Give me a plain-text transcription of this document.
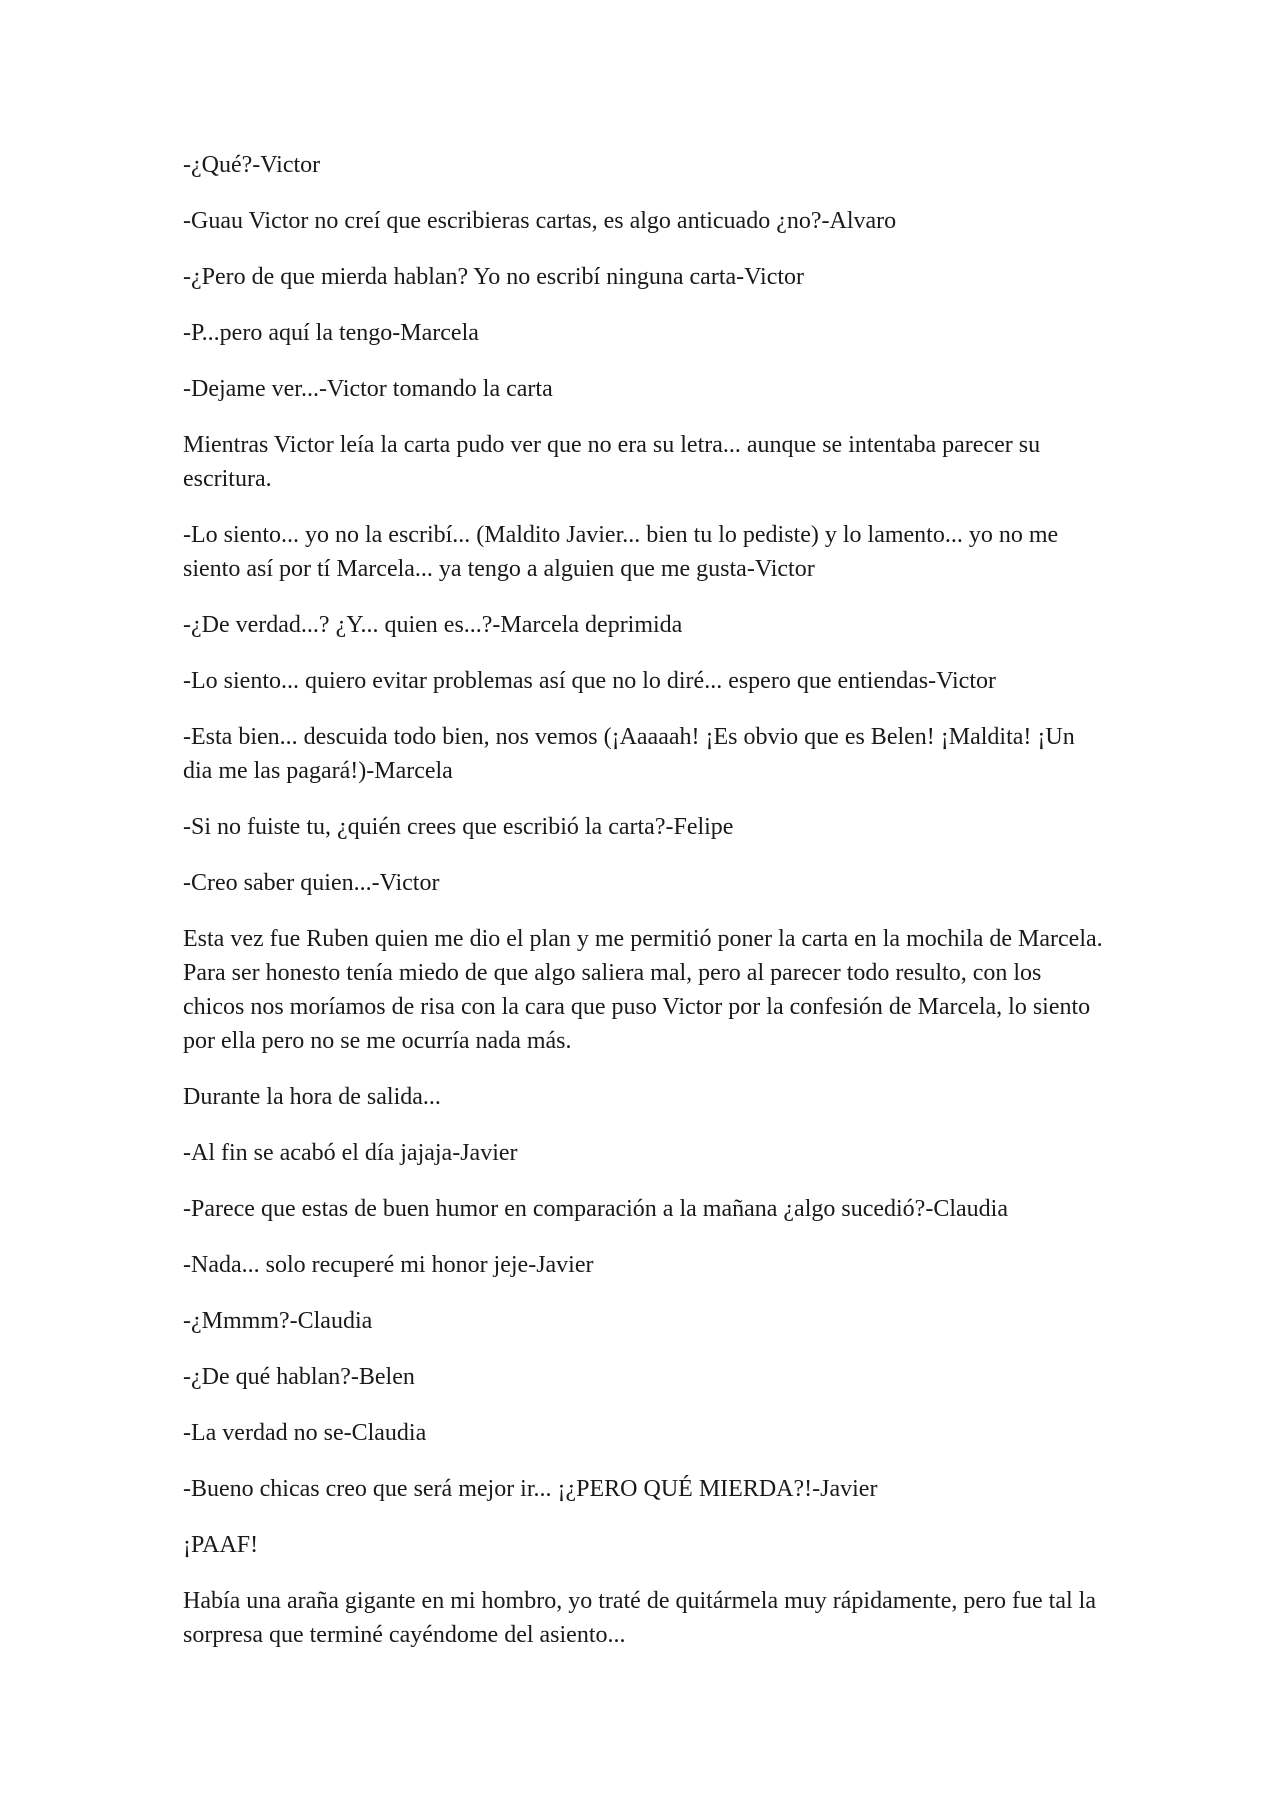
-¿Qué?-Victor

-Guau Victor no creí que escribieras cartas, es algo anticuado ¿no?-Alvaro

-¿Pero de que mierda hablan? Yo no escribí ninguna carta-Victor

-P...pero aquí la tengo-Marcela

-Dejame ver...-Victor tomando la carta

Mientras Victor leía la carta pudo ver que no era su letra... aunque se intentaba parecer su escritura.

-Lo siento... yo no la escribí... (Maldito Javier... bien tu lo pediste) y lo lamento... yo no me siento así por tí Marcela... ya tengo a alguien que me gusta-Victor

-¿De verdad...? ¿Y... quien es...?-Marcela deprimida

-Lo siento... quiero evitar problemas así que no lo diré... espero que entiendas-Victor

-Esta bien... descuida todo bien, nos vemos (¡Aaaaah! ¡Es obvio que es Belen! ¡Maldita! ¡Un dia me las pagará!)-Marcela

-Si no fuiste tu, ¿quién crees que escribió la carta?-Felipe

-Creo saber quien...-Victor

Esta vez fue Ruben quien me dio el plan y me permitió poner la carta en la mochila de Marcela. Para ser honesto tenía miedo de que algo saliera mal, pero al parecer todo resulto, con los chicos nos moríamos de risa con la cara que puso Victor por la confesión de Marcela, lo siento por ella pero no se me ocurría nada más.

Durante la hora de salida...

-Al fin se acabó el día jajaja-Javier

-Parece que estas de buen humor en comparación a la mañana ¿algo sucedió?-Claudia

-Nada... solo recuperé mi honor jeje-Javier

-¿Mmmm?-Claudia

-¿De qué hablan?-Belen

-La verdad no se-Claudia

-Bueno chicas creo que será mejor ir... ¡¿PERO QUÉ MIERDA?!-Javier

¡PAAF!

Había una araña gigante en mi hombro, yo traté de quitármela muy rápidamente, pero fue tal la sorpresa que terminé cayéndome del asiento...
